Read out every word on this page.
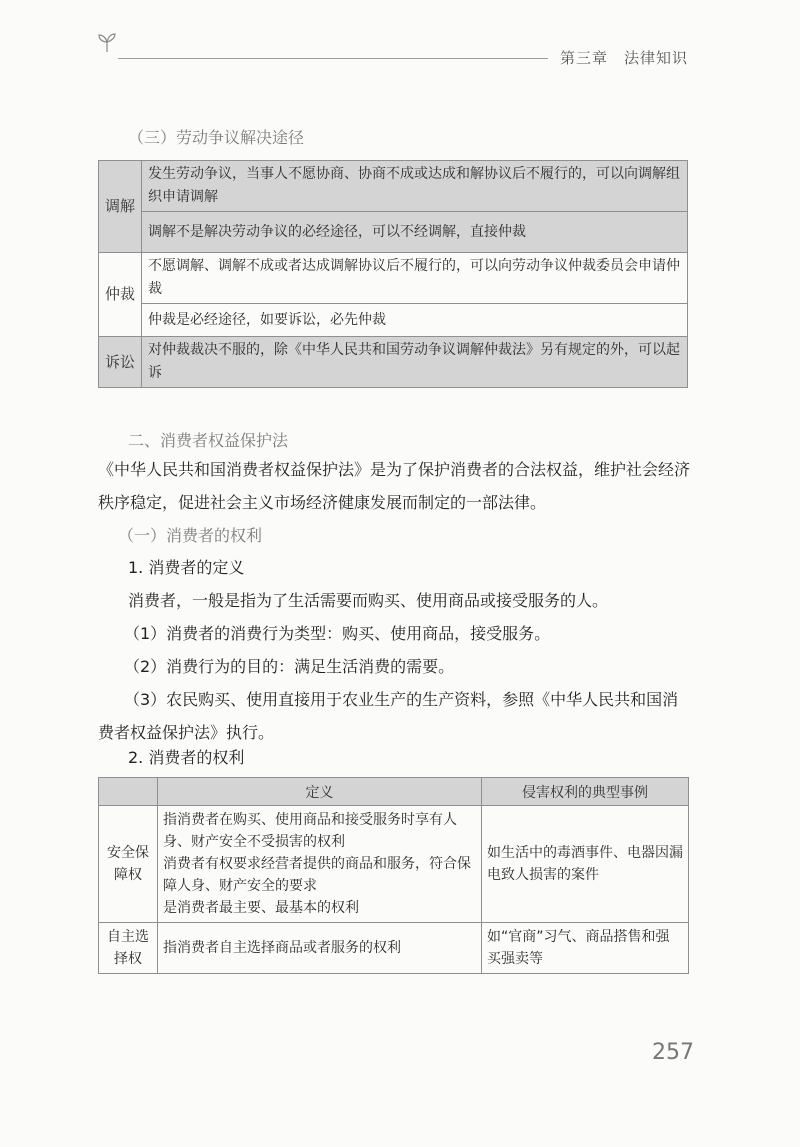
第三章 法律知识
（三）劳动争议解决途径
调解	发生劳动争议，当事人不愿协商、协商不成或达成和解协议后不履行的，可以向调解组织申请调解
	调解不是解决劳动争议的必经途径，可以不经调解，直接仲裁
仲裁	不愿调解、调解不成或者达成调解协议后不履行的，可以向劳动争议仲裁委员会申请仲裁
	仲裁是必经途径，如要诉讼，必先仲裁
诉讼	对仲裁裁决不服的，除《中华人民共和国劳动争议调解仲裁法》另有规定的外，可以起诉
二、消费者权益保护法
《中华人民共和国消费者权益保护法》是为了保护消费者的合法权益，维护社会经济秩序稳定，促进社会主义市场经济健康发展而制定的一部法律。
（一）消费者的权利
1. 消费者的定义
消费者，一般是指为了生活需要而购买、使用商品或接受服务的人。
（1）消费者的消费行为类型：购买、使用商品，接受服务。
（2）消费行为的目的：满足生活消费的需要。
（3）农民购买、使用直接用于农业生产的生产资料，参照《中华人民共和国消费者权益保护法》执行。
2. 消费者的权利
	定义	侵害权利的典型事例

安全保障权	指消费者在购买、使用商品和接受服务时享有人身、财产安全不受损害的权利
消费者有权要求经营者提供的商品和服务，符合保障人身、财产安全的要求
是消费者最主要、最基本的权利	如生活中的毒酒事件、电器因漏电致人损害的案件

自主选择权	指消费者自主选择商品或者服务的权利	如“官商”习气、商品搭售和强买强卖等
257
